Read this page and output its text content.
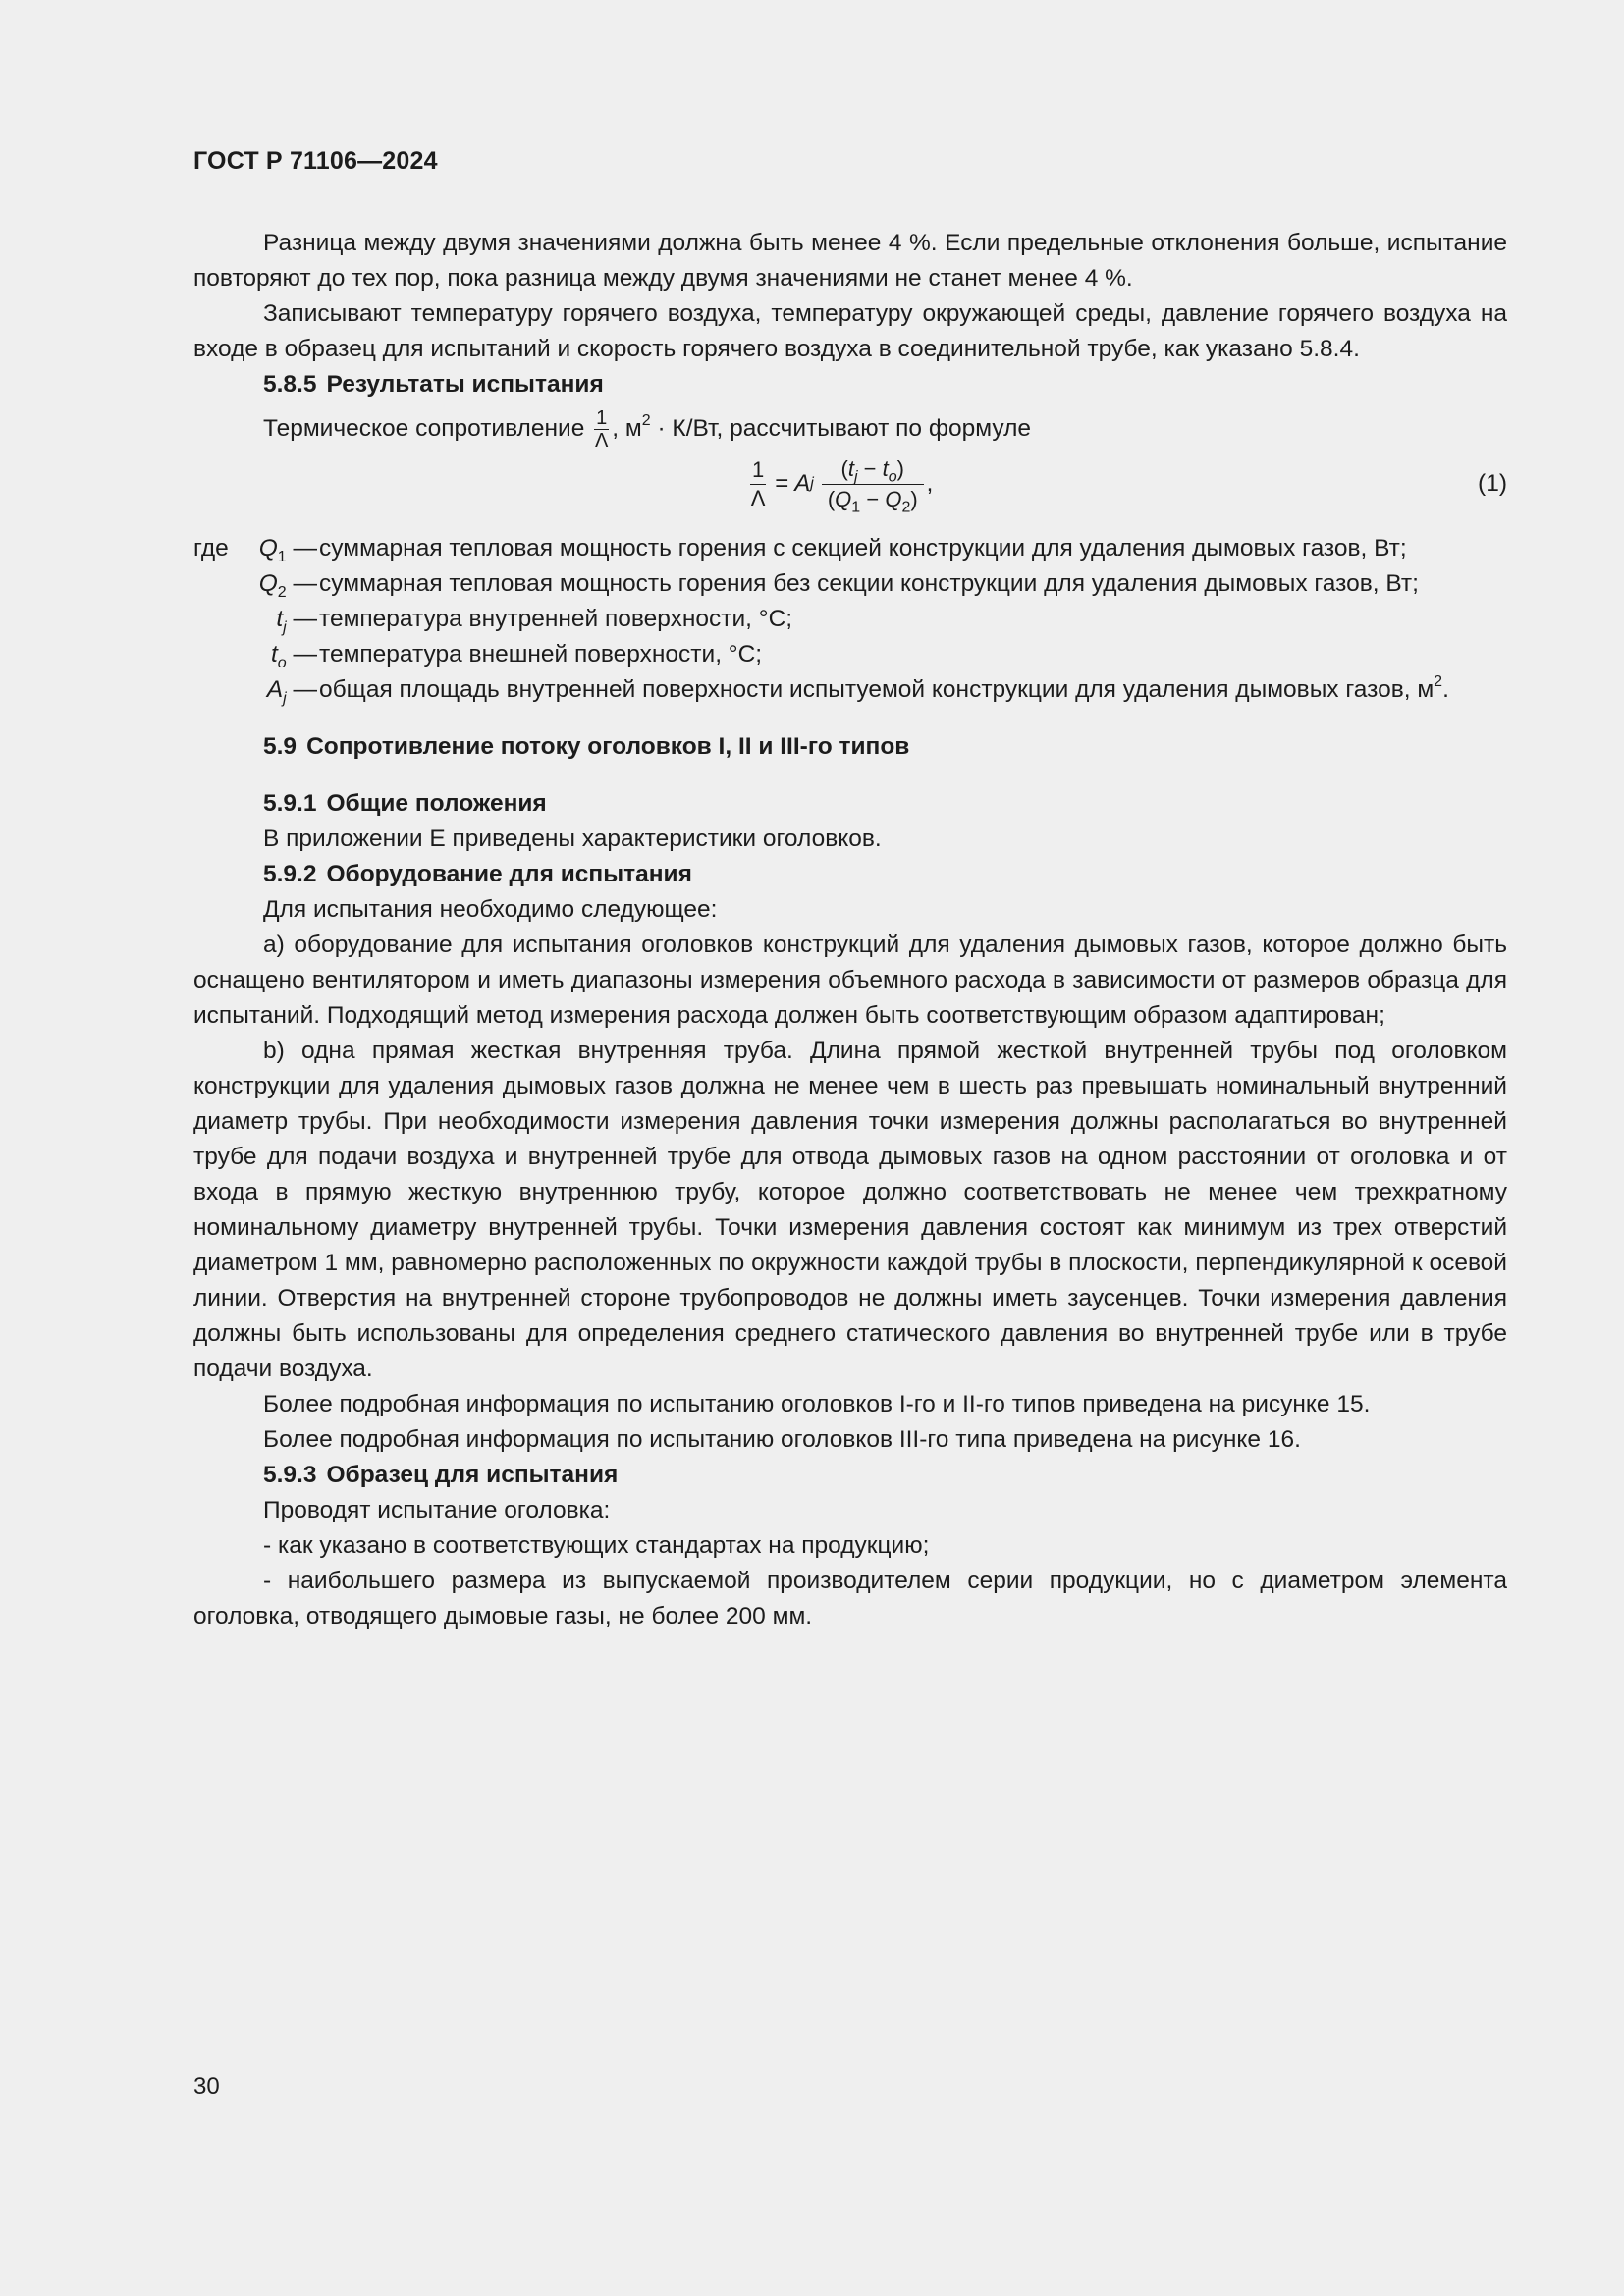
ГОСТ Р 71106—2024

Разница между двумя значениями должна быть менее 4 %. Если предельные отклонения больше, испытание повторяют до тех пор, пока разница между двумя значениями не станет менее 4 %.

Записывают температуру горячего воздуха, температуру окружающей среды, давление горячего воздуха на входе в образец для испытаний и скорость горячего воздуха в соединительной трубе, как указано 5.8.4.

5.8.5 Результаты испытания

Термическое сопротивление $\frac{1}{\Lambda}$ , $м^2 \cdot К/Вт$, рассчитывают по формуле

$\frac{1}{\Lambda} = A$ j $\frac{(t_j - t_o)}{(Q_1 - Q_2)}$ ,	(1)
где $Q_1$ — суммарная тепловая мощность горения с секцией конструкции для удаления дымовых газов, Вт;
$Q_2$ — суммарная тепловая мощность горения без секции конструкции для удаления дымовых газов, Вт;
$t_j$ — температура внутренней поверхности, °C;
$t_o$ — температура внешней поверхности, °C;
$A_j$ — общая площадь внутренней поверхности испытуемой конструкции для удаления дымовых газов, $м^2$.

5.9 Сопротивление потоку оголовков I, II и III-го типов

5.9.1 Общие положения

В приложении Е приведены характеристики оголовков.

5.9.2 Оборудование для испытания

Для испытания необходимо следующее:

а) оборудование для испытания оголовков конструкций для удаления дымовых газов, которое должно быть оснащено вентилятором и иметь диапазоны измерения объемного расхода в зависимости от размеров образца для испытаний. Подходящий метод измерения расхода должен быть соответствующим образом адаптирован;

b) одна прямая жесткая внутренняя труба. Длина прямой жесткой внутренней трубы под оголовком конструкции для удаления дымовых газов должна не менее чем в шесть раз превышать номинальный внутренний диаметр трубы. При необходимости измерения давления точки измерения должны располагаться во внутренней трубе для подачи воздуха и внутренней трубе для отвода дымовых газов на одном расстоянии от оголовка и от входа в прямую жесткую внутреннюю трубу, которое должно соответствовать не менее чем трехкратному номинальному диаметру внутренней трубы. Точки измерения давления состоят как минимум из трех отверстий диаметром 1 мм, равномерно расположенных по окружности каждой трубы в плоскости, перпендикулярной к осевой линии. Отверстия на внутренней стороне трубопроводов не должны иметь заусенцев. Точки измерения давления должны быть использованы для определения среднего статического давления во внутренней трубе или в трубе подачи воздуха.

Более подробная информация по испытанию оголовков I-го и II-го типов приведена на рисунке 15.

Более подробная информация по испытанию оголовков III-го типа приведена на рисунке 16.

5.9.3 Образец для испытания

Проводят испытание оголовка:

- как указано в соответствующих стандартах на продукцию;

- наибольшего размера из выпускаемой производителем серии продукции, но с диаметром элемента оголовка, отводящего дымовые газы, не более 200 мм.

30
